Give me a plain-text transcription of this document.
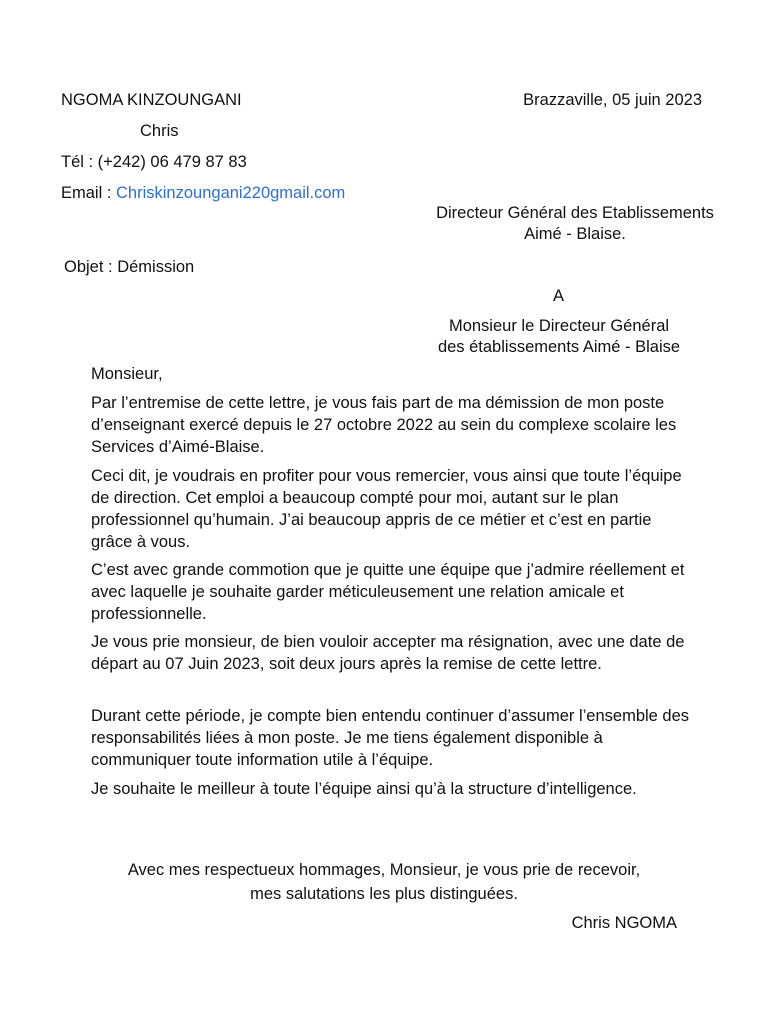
NGOMA KINZOUNGANI
Chris
Tél : (+242) 06 479 87 83
Email : Chriskinzoungani220gmail.com
Brazzaville, 05 juin 2023
Directeur Général des Etablissements
Aimé - Blaise.
Objet : Démission
A
Monsieur le Directeur Général
des établissements Aimé - Blaise
Monsieur,
Par l’entremise de cette lettre, je vous fais part de ma démission de mon poste d’enseignant exercé depuis le 27 octobre 2022 au sein du complexe scolaire les Services d’Aimé-Blaise.
Ceci dit, je voudrais en profiter pour vous remercier, vous ainsi que toute l’équipe de direction. Cet emploi a beaucoup compté pour moi, autant sur le plan professionnel qu’humain. J’ai beaucoup appris de ce métier et c’est en partie grâce à vous.
C’est avec grande commotion que je quitte une équipe que j’admire réellement et avec laquelle je souhaite garder méticuleusement une relation amicale et professionnelle.
Je vous prie monsieur, de bien vouloir accepter ma résignation, avec une date de départ au 07 Juin 2023, soit deux jours après la remise de cette lettre.
Durant cette période, je compte bien entendu continuer d’assumer l’ensemble des responsabilités liées à mon poste. Je me tiens également disponible à communiquer toute information utile à l’équipe.
Je souhaite le meilleur à toute l’équipe ainsi qu’à la structure d’intelligence.
Avec mes respectueux hommages, Monsieur, je vous prie de recevoir,
mes salutations les plus distinguées.
Chris NGOMA
